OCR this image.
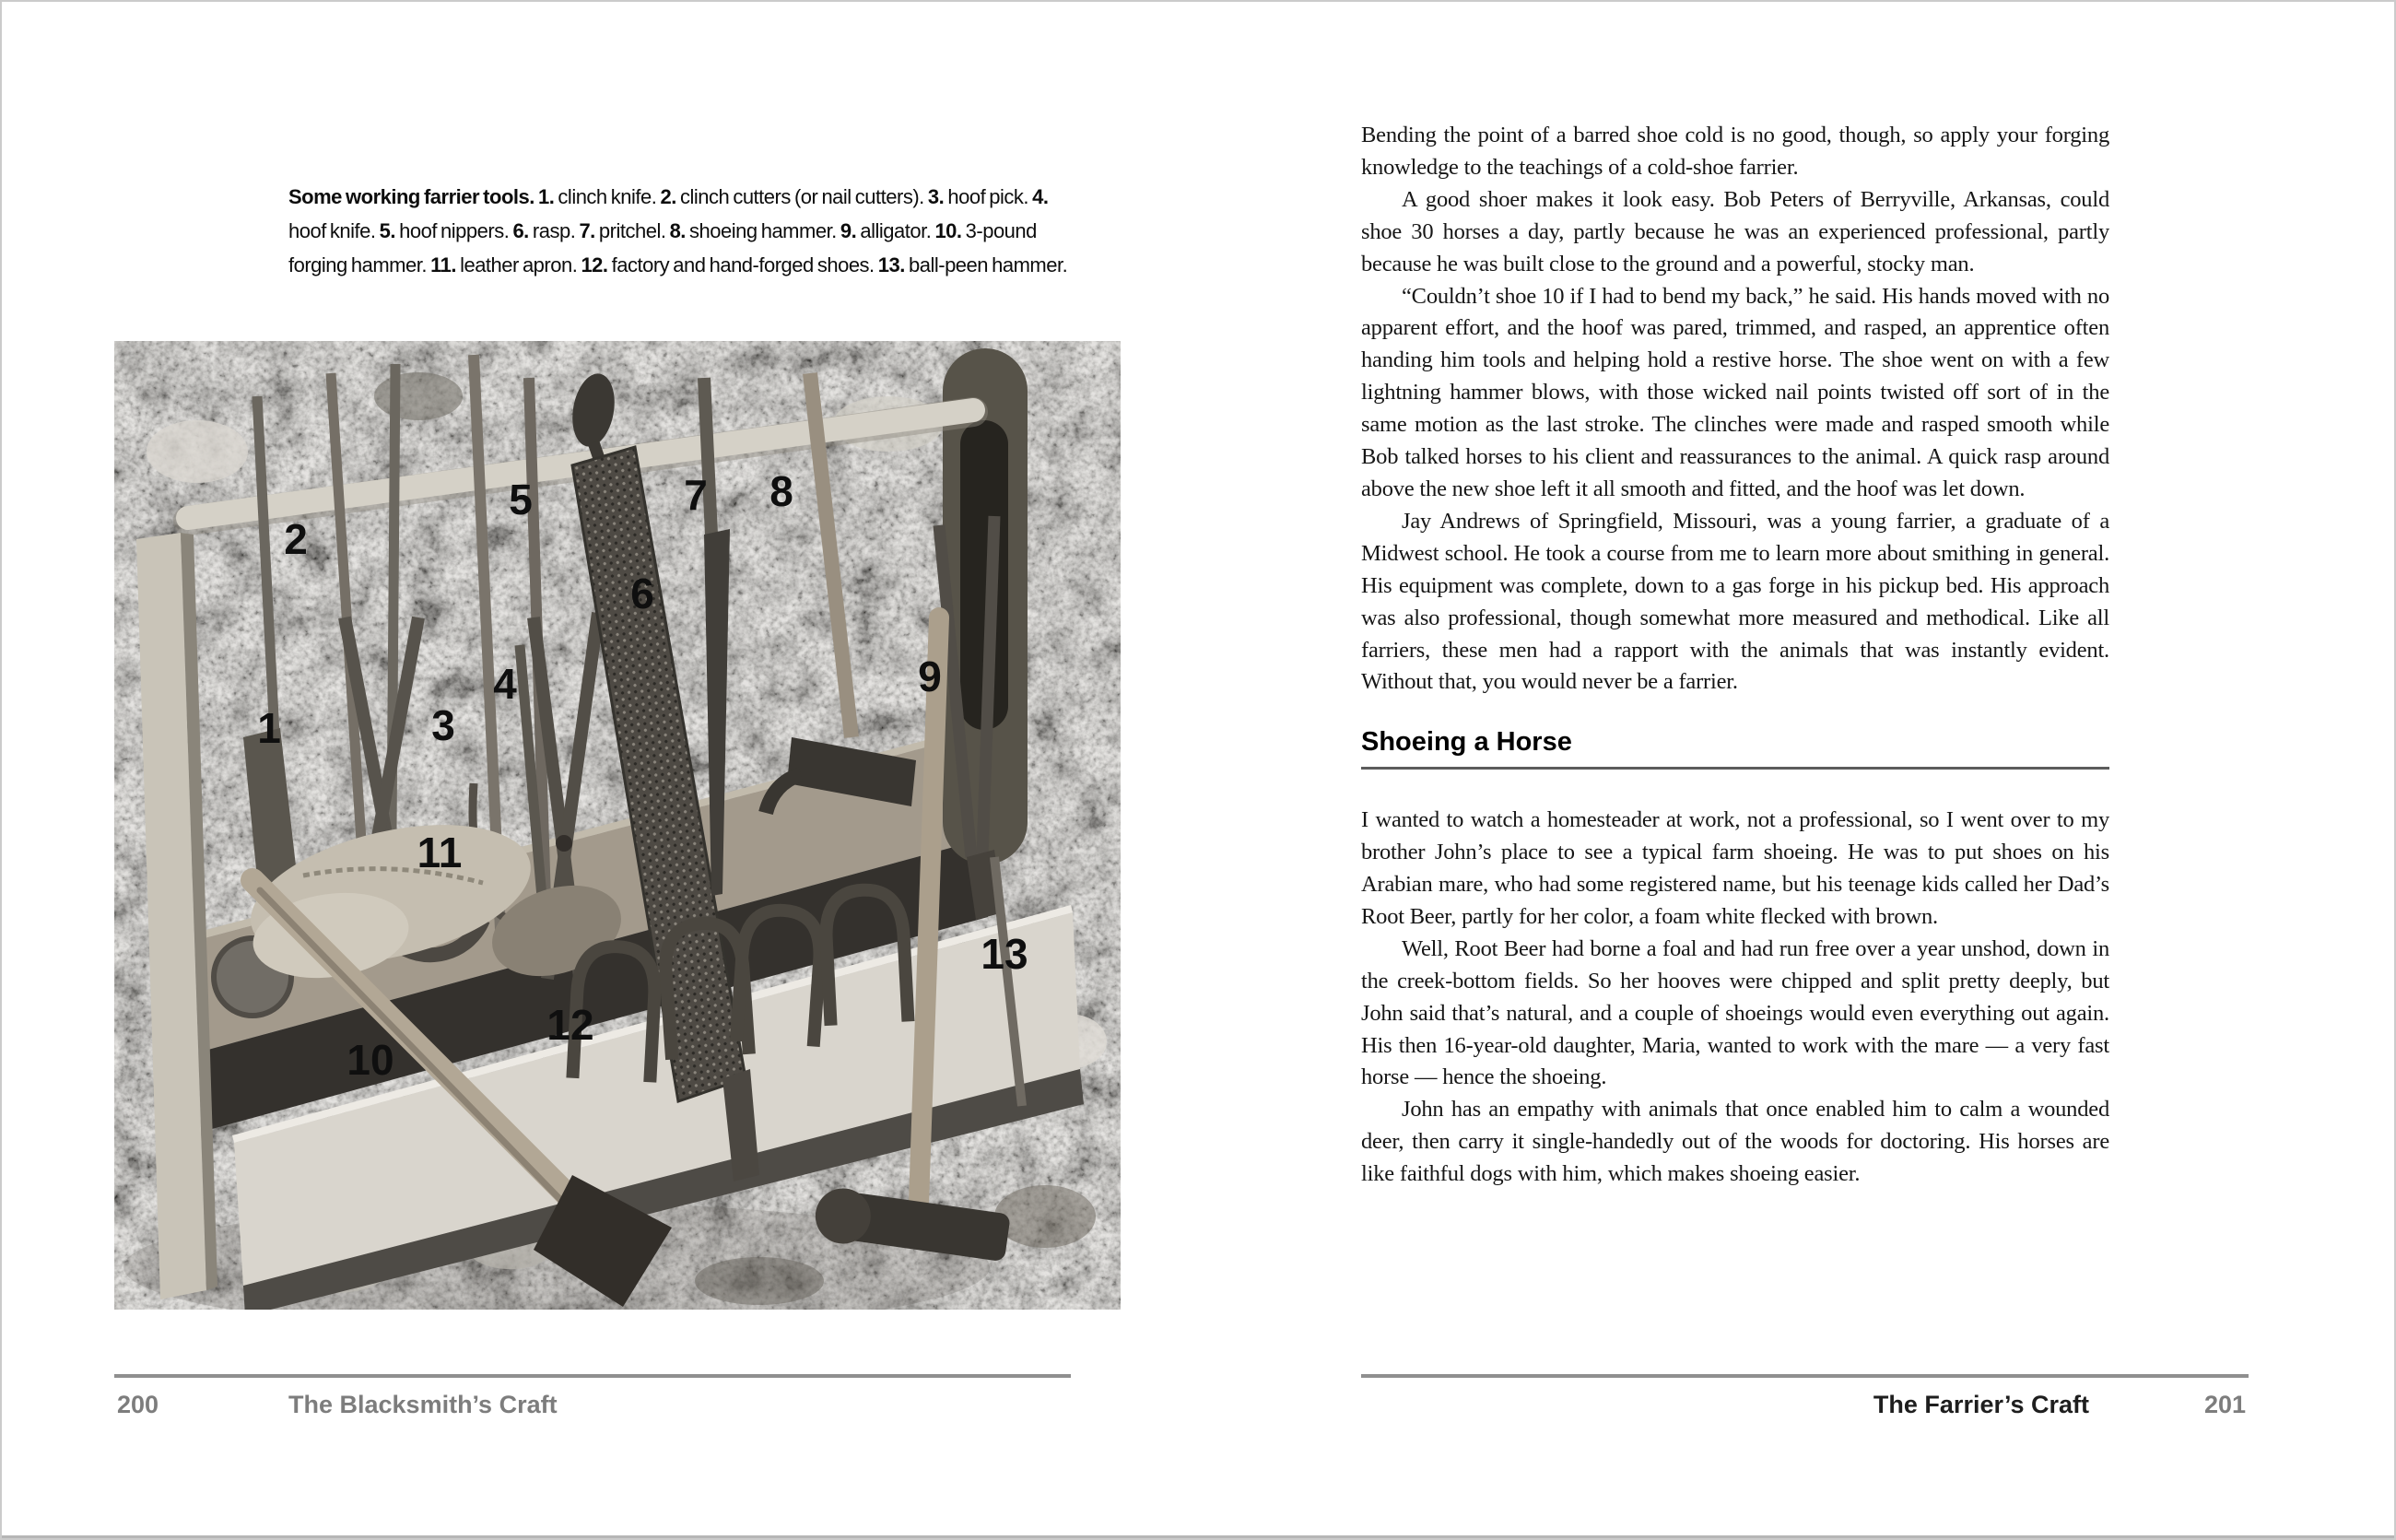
Some working farrier tools. 1. clinch knife. 2. clinch cutters (or nail cutters). 3. hoof pick. 4. hoof knife. 5. hoof nippers. 6. rasp. 7. pritchel. 8. shoeing hammer. 9. alligator. 10. 3-pound forging hammer. 11. leather apron. 12. factory and hand-forged shoes. 13. ball-peen hammer.
1
2
3
4
5
6
7 8
9
10
11
12
13
200	The Blacksmith’s Craft

Bending the point of a barred shoe cold is no good, though, so apply your forging knowledge to the teachings of a cold-shoe farrier.

A good shoer makes it look easy. Bob Peters of Berryville, Arkansas, could shoe 30 horses a day, partly because he was an experienced professional, partly because he was built close to the ground and a powerful, stocky man.

“Couldn’t shoe 10 if I had to bend my back,” he said. His hands moved with no apparent effort, and the hoof was pared, trimmed, and rasped, an apprentice often handing him tools and helping hold a restive horse. The shoe went on with a few lightning hammer blows, with those wicked nail points twisted off sort of in the same motion as the last stroke. The clinches were made and rasped smooth while Bob talked horses to his client and reassurances to the animal. A quick rasp around above the new shoe left it all smooth and fitted, and the hoof was let down.

Jay Andrews of Springfield, Missouri, was a young farrier, a graduate of a Midwest school. He took a course from me to learn more about smithing in general. His equipment was complete, down to a gas forge in his pickup bed. His approach was also professional, though somewhat more measured and methodical. Like all farriers, these men had a rapport with the animals that was instantly evident. Without that, you would never be a farrier.

Shoeing a Horse

I wanted to watch a homesteader at work, not a professional, so I went over to my brother John’s place to see a typical farm shoeing. He was to put shoes on his Arabian mare, who had some registered name, but his teenage kids called her Dad’s Root Beer, partly for her color, a foam white flecked with brown.

Well, Root Beer had borne a foal and had run free over a year unshod, down in the creek-bottom fields. So her hooves were chipped and split pretty deeply, but John said that’s natural, and a couple of shoeings would even everything out again. His then 16-year-old daughter, Maria, wanted to work with the mare — a very fast horse — hence the shoeing.

John has an empathy with animals that once enabled him to calm a wounded deer, then carry it single-handedly out of the woods for doctoring. His horses are like faithful dogs with him, which makes shoeing easier.

The Farrier’s Craft	201
